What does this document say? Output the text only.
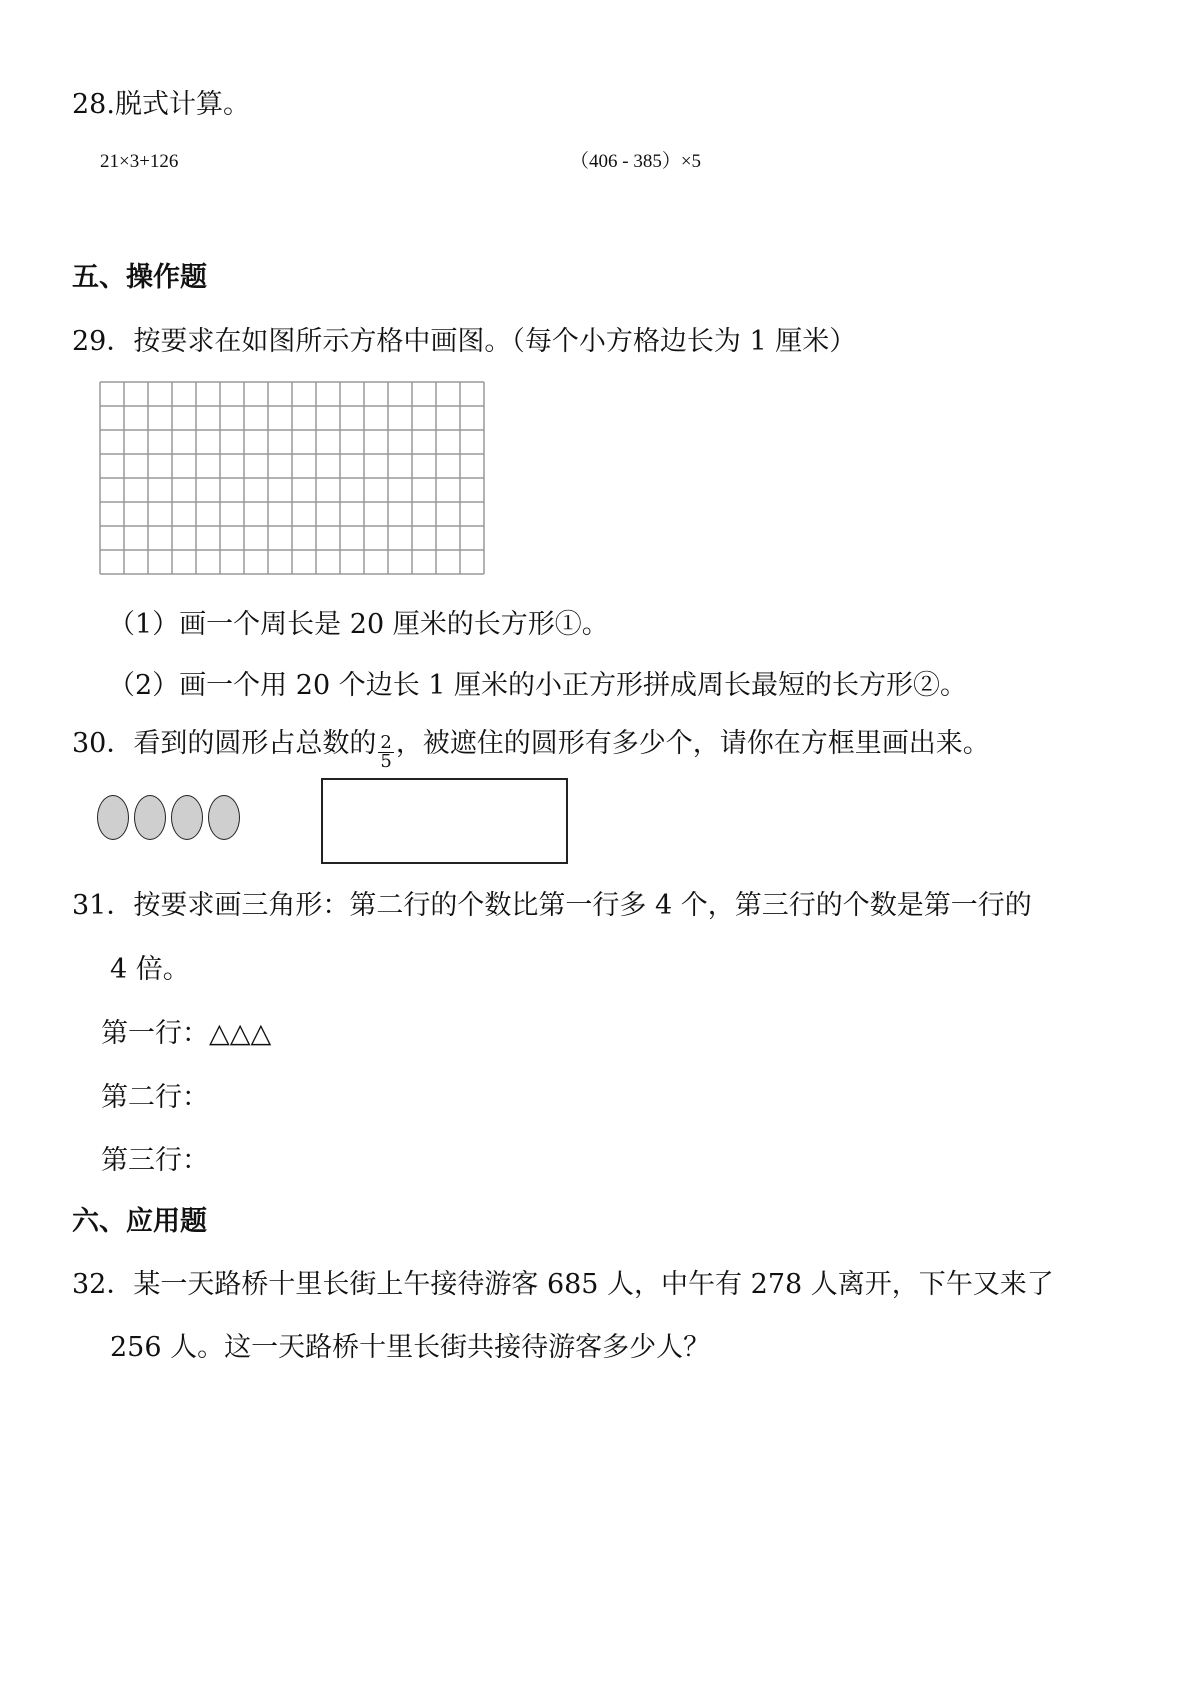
28.脱式计算。
21×3+126	（406 - 385）×5
五、操作题
29．按要求在如图所示方格中画图。（每个小方格边长为 1 厘米）
（1）画一个周长是 20 厘米的长方形①。
（2）画一个用 20 个边长 1 厘米的小正方形拼成周长最短的长方形②。
30．看到的圆形占总数的 $\frac{2}{5}$ ，被遮住的圆形有多少个，请你在方框里画出来。
31．按要求画三角形：第二行的个数比第一行多 4 个，第三行的个数是第一行的
4 倍。
第一行：△△△
第二行：
第三行：
六、应用题
32．某一天路桥十里长街上午接待游客 685 人，中午有 278 人离开，下午又来了
256 人。这一天路桥十里长街共接待游客多少人？
